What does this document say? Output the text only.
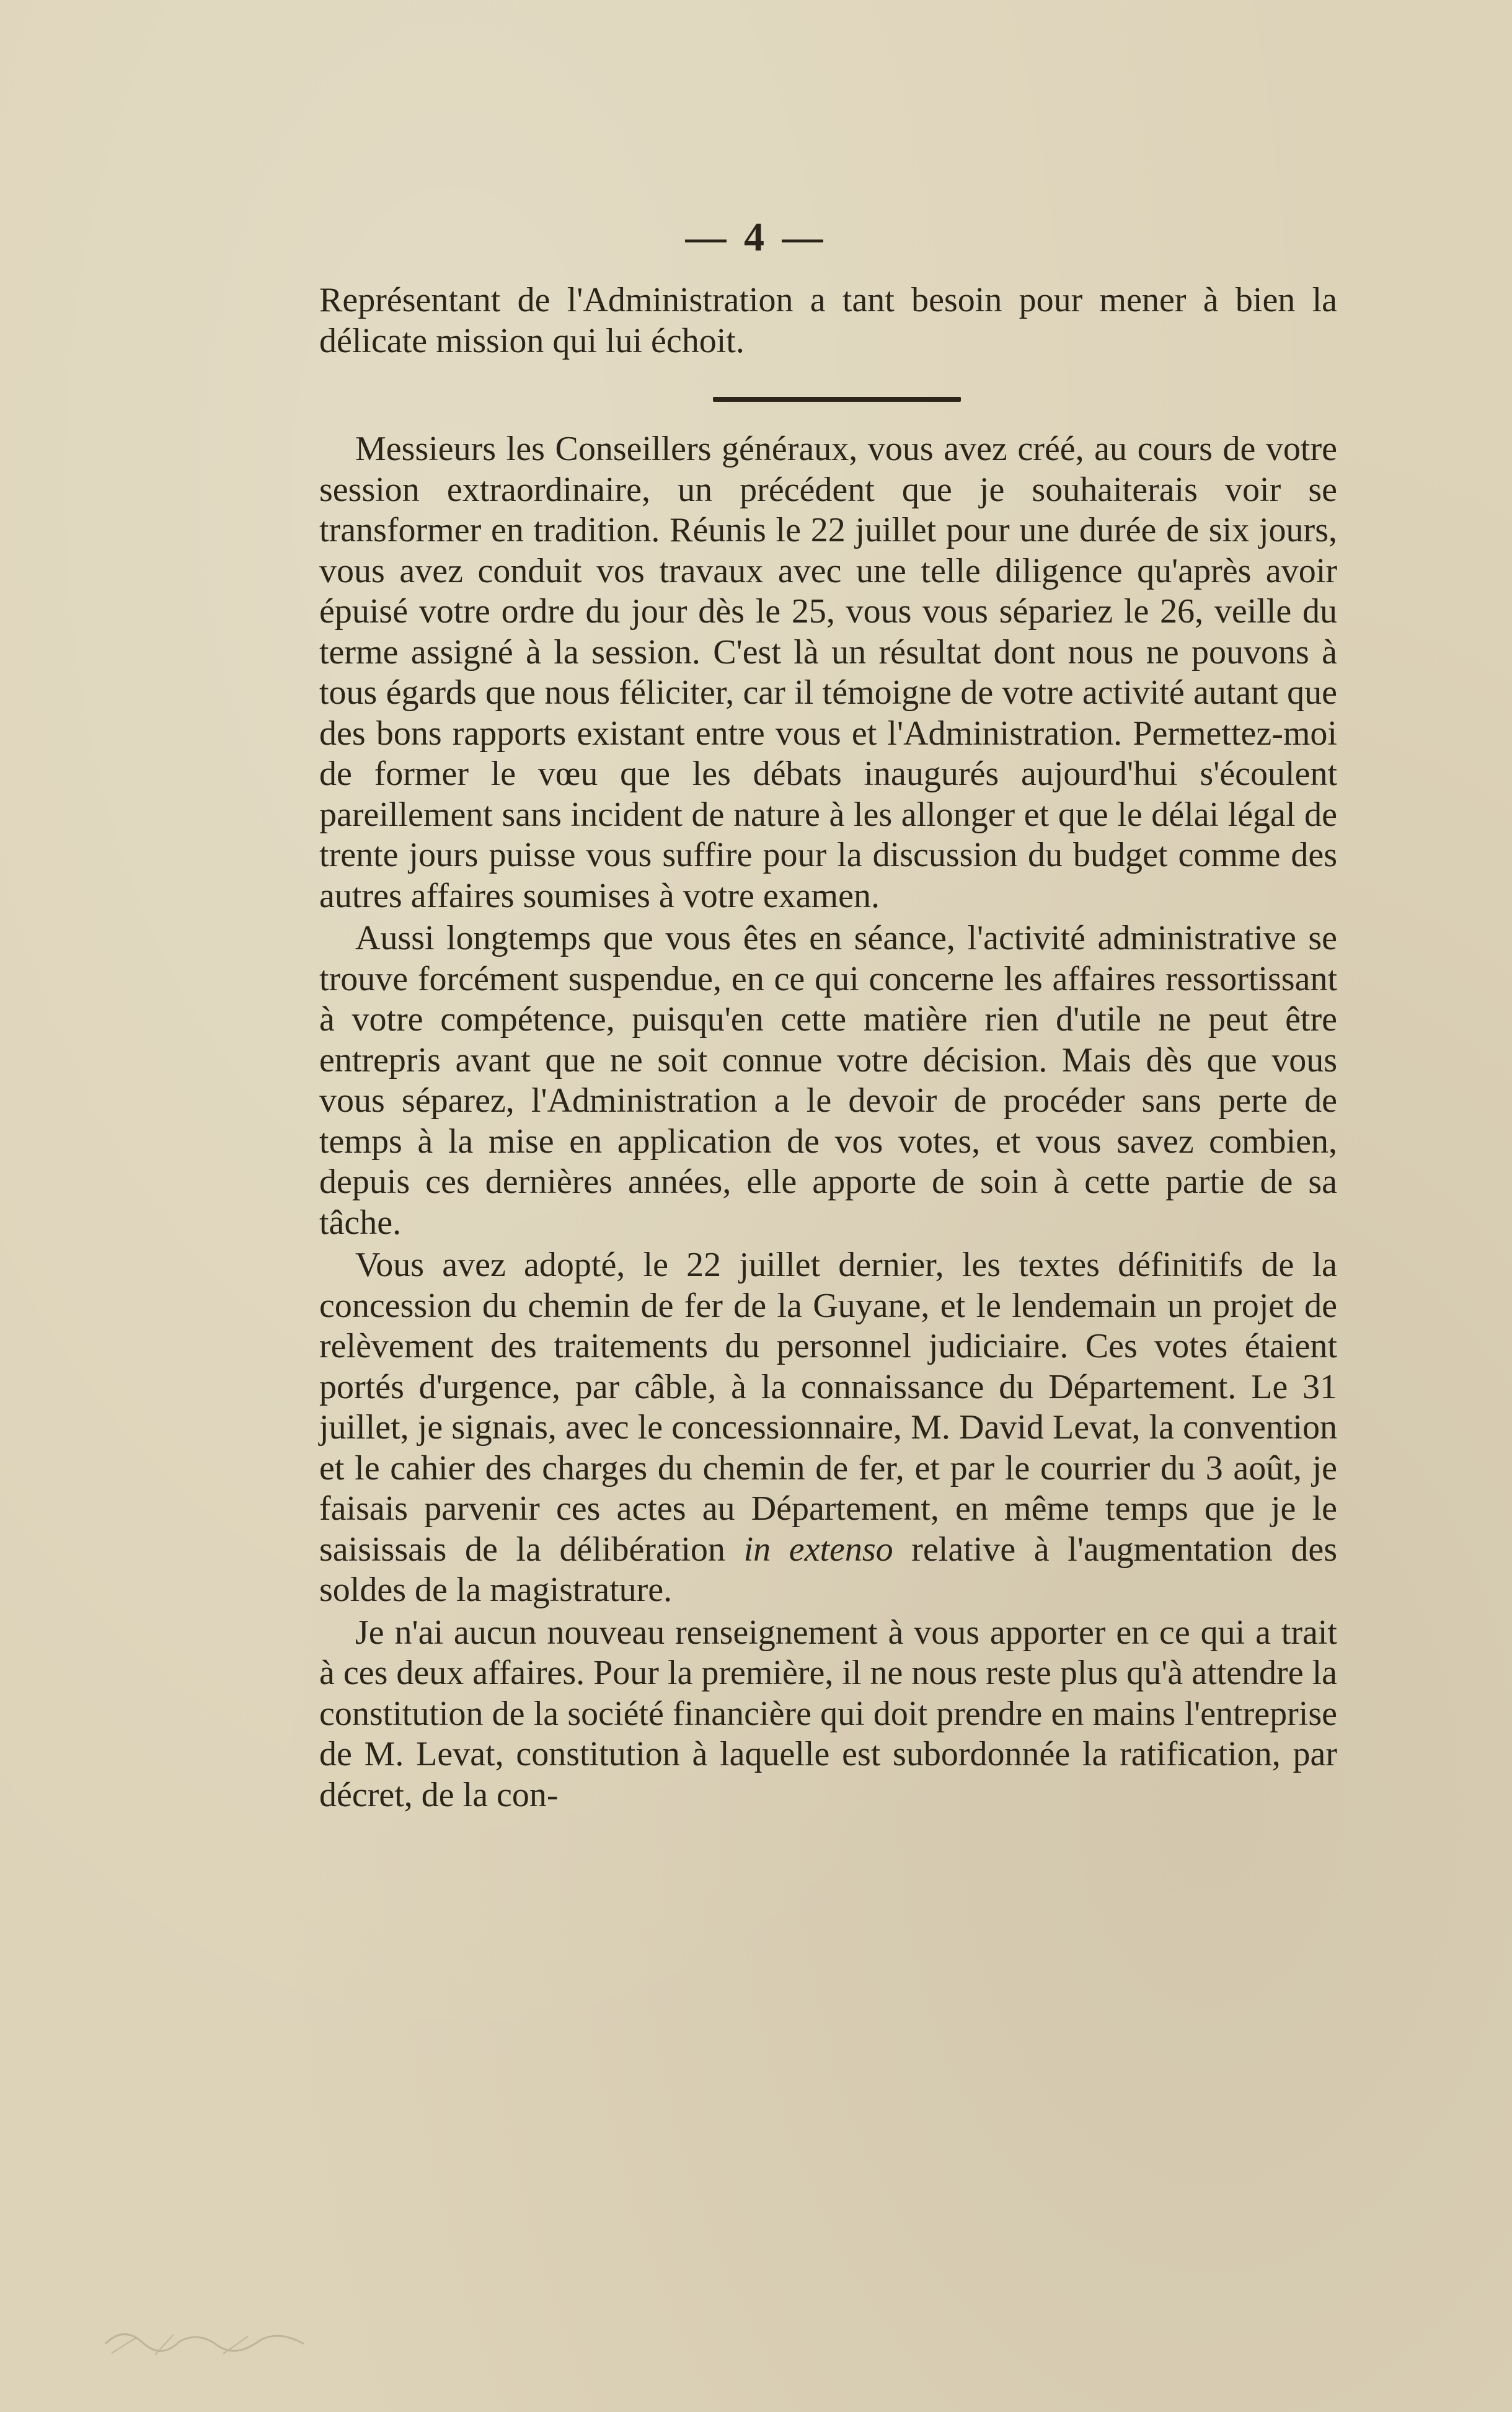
— 4 —

Représentant de l'Administration a tant besoin pour mener à bien la délicate mission qui lui échoit.

Messieurs les Conseillers généraux, vous avez créé, au cours de votre session extraordinaire, un précédent que je souhaiterais voir se transformer en tradition. Réunis le 22 juillet pour une durée de six jours, vous avez conduit vos travaux avec une telle diligence qu'après avoir épuisé votre ordre du jour dès le 25, vous vous sépariez le 26, veille du terme assigné à la session. C'est là un résultat dont nous ne pouvons à tous égards que nous féliciter, car il témoigne de votre activité autant que des bons rapports existant entre vous et l'Administration. Permettez-moi de former le vœu que les débats inaugurés aujourd'hui s'écoulent pareillement sans incident de nature à les allonger et que le délai légal de trente jours puisse vous suffire pour la discussion du budget comme des autres affaires soumises à votre examen.

Aussi longtemps que vous êtes en séance, l'activité administrative se trouve forcément suspendue, en ce qui concerne les affaires ressortissant à votre compétence, puisqu'en cette matière rien d'utile ne peut être entrepris avant que ne soit connue votre décision. Mais dès que vous vous séparez, l'Administration a le devoir de procéder sans perte de temps à la mise en application de vos votes, et vous savez combien, depuis ces dernières années, elle apporte de soin à cette partie de sa tâche.

Vous avez adopté, le 22 juillet dernier, les textes définitifs de la concession du chemin de fer de la Guyane, et le lendemain un projet de relèvement des traitements du personnel judiciaire. Ces votes étaient portés d'urgence, par câble, à la connaissance du Département. Le 31 juillet, je signais, avec le concessionnaire, M. David Levat, la convention et le cahier des charges du chemin de fer, et par le courrier du 3 août, je faisais parvenir ces actes au Département, en même temps que je le saisissais de la délibération in extenso relative à l'augmentation des soldes de la magistrature.

Je n'ai aucun nouveau renseignement à vous apporter en ce qui a trait à ces deux affaires. Pour la première, il ne nous reste plus qu'à attendre la constitution de la société financière qui doit prendre en mains l'entreprise de M. Levat, constitution à laquelle est subordonnée la ratification, par décret, de la con-
